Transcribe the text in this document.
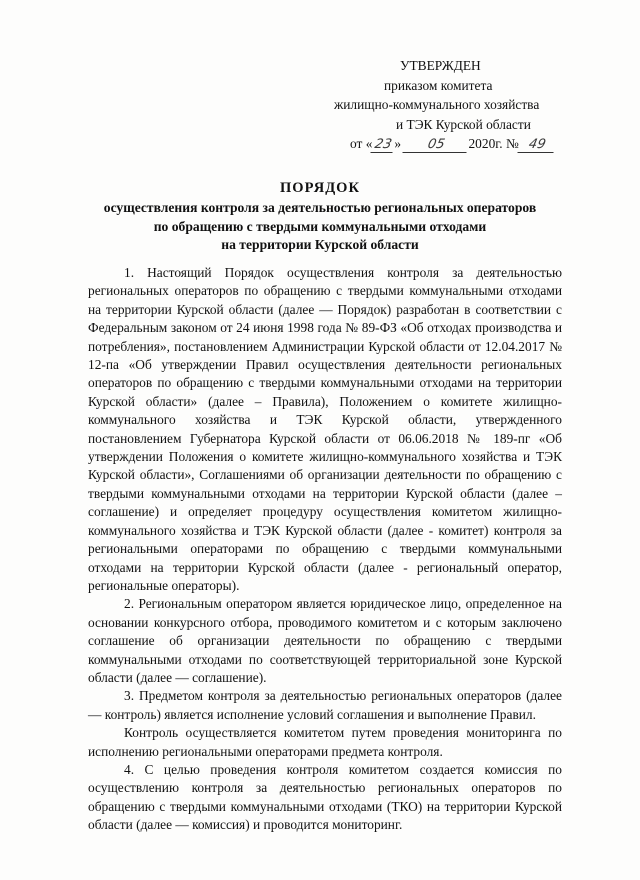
УТВЕРЖДЕН
приказом комитета
жилищно-коммунального хозяйства
и ТЭК Курской области
от «23» 05 2020г. № 49
ПОРЯДОК
осуществления контроля за деятельностью региональных операторов
по обращению с твердыми коммунальными отходами
на территории Курской области

1. Настоящий Порядок осуществления контроля за деятельностью региональных операторов по обращению с твердыми коммунальными отходами на территории Курской области (далее — Порядок) разработан в соответствии с Федеральным законом от 24 июня 1998 года № 89-ФЗ «Об отходах производства и потребления», постановлением Администрации Курской области от 12.04.2017 № 12-па «Об утверждении Правил осуществления деятельности региональных операторов по обращению с твердыми коммунальными отходами на территории Курской области» (далее – Правила), Положением о комитете жилищно-коммунального хозяйства и ТЭК Курской области, утвержденного постановлением Губернатора Курской области от 06.06.2018 № 189-пг «Об утверждении Положения о комитете жилищно-коммунального хозяйства и ТЭК Курской области», Соглашениями об организации деятельности по обращению с твердыми коммунальными отходами на территории Курской области (далее – соглашение) и определяет процедуру осуществления комитетом жилищно-коммунального хозяйства и ТЭК Курской области (далее - комитет) контроля за региональными операторами по обращению с твердыми коммунальными отходами на территории Курской области (далее - региональный оператор, региональные операторы).

2. Региональным оператором является юридическое лицо, определенное на основании конкурсного отбора, проводимого комитетом и с которым заключено соглашение об организации деятельности по обращению с твердыми коммунальными отходами по соответствующей территориальной зоне Курской области (далее — соглашение).

3. Предметом контроля за деятельностью региональных операторов (далее — контроль) является исполнение условий соглашения и выполнение Правил.

Контроль осуществляется комитетом путем проведения мониторинга по исполнению региональными операторами предмета контроля.

4. С целью проведения контроля комитетом создается комиссия по осуществлению контроля за деятельностью региональных операторов по обращению с твердыми коммунальными отходами (ТКО) на территории Курской области (далее — комиссия) и проводится мониторинг.
